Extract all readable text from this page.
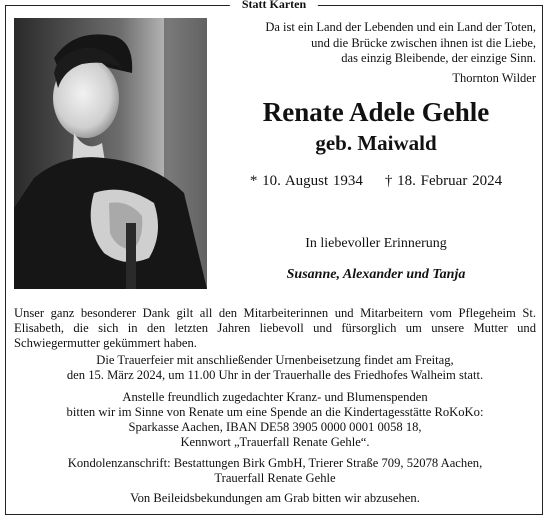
Statt Karten
Da ist ein Land der Lebenden und ein Land der Toten,
und die Brücke zwischen ihnen ist die Liebe,
das einzig Bleibende, der einzige Sinn.
Thornton Wilder
Renate Adele Gehle
geb. Maiwald
* 10. August 1934 † 18. Februar 2024
In liebevoller Erinnerung
Susanne, Alexander und Tanja

Unser ganz besonderer Dank gilt all den Mitarbeiterinnen und Mitarbeitern vom Pflegeheim St. Elisabeth, die sich in den letzten Jahren liebevoll und fürsorglich um unsere Mutter und Schwiegermutter gekümmert haben.

Die Trauerfeier mit anschließender Urnenbeisetzung findet am Freitag,
den 15. März 2024, um 11.00 Uhr in der Trauerhalle des Friedhofes Walheim statt.

Anstelle freundlich zugedachter Kranz- und Blumenspenden
bitten wir im Sinne von Renate um eine Spende an die Kindertagesstätte RoKoKo:
Sparkasse Aachen, IBAN DE58 3905 0000 0001 0058 18,
Kennwort „Trauerfall Renate Gehle“.

Kondolenzanschrift: Bestattungen Birk GmbH, Trierer Straße 709, 52078 Aachen,
Trauerfall Renate Gehle

Von Beileidsbekundungen am Grab bitten wir abzusehen.
